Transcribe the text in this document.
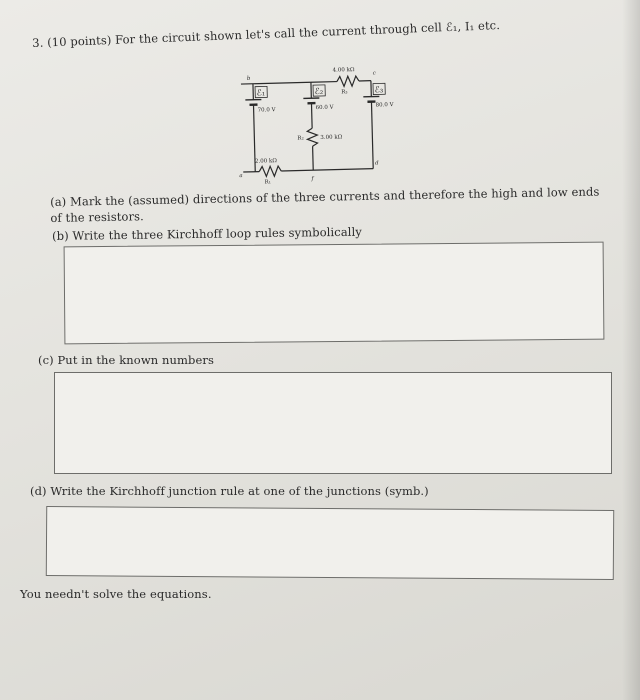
3. (10 points) For the circuit shown let's call the current through cell ℰ₁, I₁ etc.
ℰ₁	ℰ₂	ℰ₃
70.0 V	60.0 V	80.0 V
4.00 kΩ
R₃
R₂	3.00 kΩ
2.00 kΩ
R₁
a
b
c
d
f
(a) Mark the (assumed) directions of the three currents and therefore the high and low ends of the resistors.
(b) Write the three Kirchhoff loop rules symbolically
(c) Put in the known numbers
(d) Write the Kirchhoff junction rule at one of the junctions (symb.)
You needn't solve the equations.
